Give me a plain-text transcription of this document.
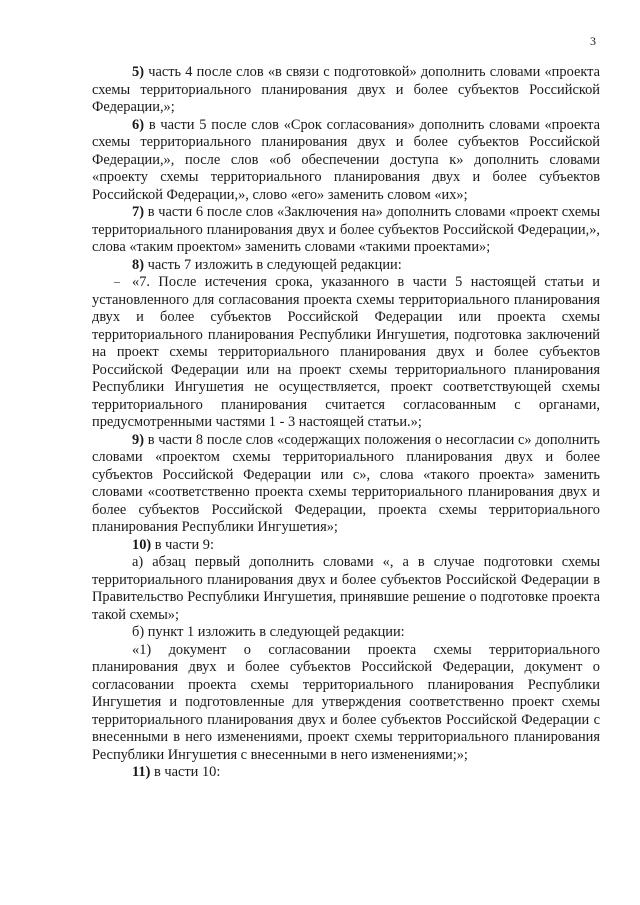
3
–

5) часть 4 после слов «в связи с подготовкой» дополнить словами «проекта схемы территориального планирования двух и более субъектов Российской Федерации,»;

6) в части 5 после слов «Срок согласования» дополнить словами «проекта схемы территориального планирования двух и более субъектов Российской Федерации,», после слов «об обеспечении доступа к» дополнить словами «проекту схемы территориального планирования двух и более субъектов Российской Федерации,», слово «его» заменить словом «их»;

7) в части 6 после слов «Заключения на» дополнить словами «проект схемы территориального планирования двух и более субъектов Российской Федерации,», слова «таким проектом» заменить словами «такими проектами»;

8) часть 7 изложить в следующей редакции:

«7. После истечения срока, указанного в части 5 настоящей статьи и установленного для согласования проекта схемы территориального планирования двух и более субъектов Российской Федерации или проекта схемы территориального планирования Республики Ингушетия, подготовка заключений на проект схемы территориального планирования двух и более субъектов Российской Федерации или на проект схемы территориального планирования Республики Ингушетия не осуществляется, проект соответствующей схемы территориального планирования считается согласованным с органами, предусмотренными частями 1 - 3 настоящей статьи.»;

9) в части 8 после слов «содержащих положения о несогласии с» дополнить словами «проектом схемы территориального планирования двух и более субъектов Российской Федерации или с», слова «такого проекта» заменить словами «соответственно проекта схемы территориального планирования двух и более субъектов Российской Федерации, проекта схемы территориального планирования Республики Ингушетия»;

10) в части 9:

а) абзац первый дополнить словами «, а в случае подготовки схемы территориального планирования двух и более субъектов Российской Федерации в Правительство Республики Ингушетия, принявшие решение о подготовке проекта такой схемы»;

б) пункт 1 изложить в следующей редакции:

«1) документ о согласовании проекта схемы территориального планирования двух и более субъектов Российской Федерации, документ о согласовании проекта схемы территориального планирования Республики Ингушетия и подготовленные для утверждения соответственно проект схемы территориального планирования двух и более субъектов Российской Федерации с внесенными в него изменениями, проект схемы территориального планирования Республики Ингушетия с внесенными в него изменениями;»;

11) в части 10:
